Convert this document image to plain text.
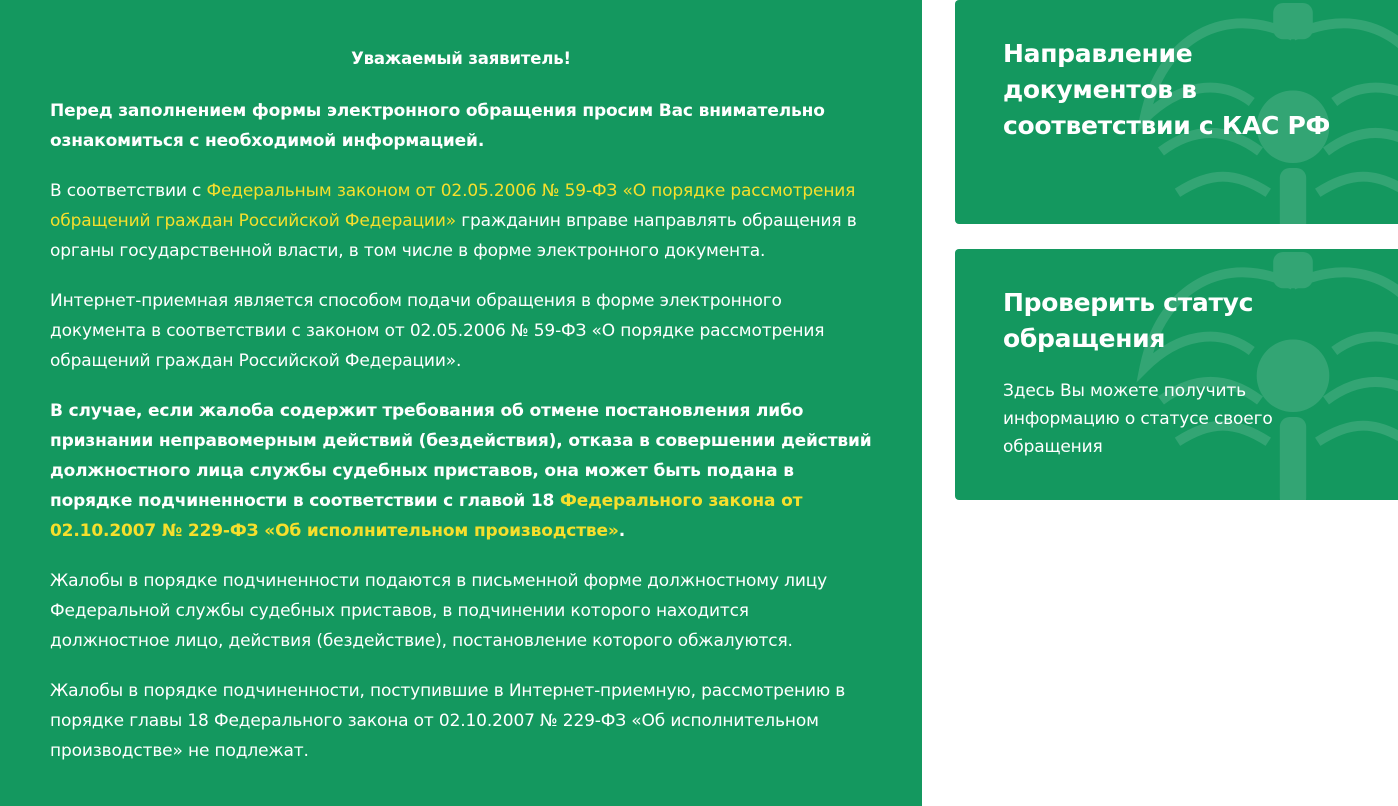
Уважаемый заявитель!

Перед заполнением формы электронного обращения просим Вас внимательно ознакомиться с необходимой информацией.

В соответствии с Федеральным законом от 02.05.2006 № 59-ФЗ «О порядке рассмотрения обращений граждан Российской Федерации» гражданин вправе направлять обращения в органы государственной власти, в том числе в форме электронного документа.

Интернет-приемная является способом подачи обращения в форме электронного документа в соответствии с законом от 02.05.2006 № 59-ФЗ «О порядке рассмотрения обращений граждан Российской Федерации».

В случае, если жалоба содержит требования об отмене постановления либо признании неправомерным действий (бездействия), отказа в совершении действий должностного лица службы судебных приставов, она может быть подана в порядке подчиненности в соответствии с главой 18 Федерального закона от 02.10.2007 № 229-ФЗ «Об исполнительном производстве».

Жалобы в порядке подчиненности подаются в письменной форме должностному лицу Федеральной службы судебных приставов, в подчинении которого находится должностное лицо, действия (бездействие), постановление которого обжалуются.

Жалобы в порядке подчиненности, поступившие в Интернет-приемную, рассмотрению в порядке главы 18 Федерального закона от 02.10.2007 № 229-ФЗ «Об исполнительном производстве» не подлежат.

Направление документов в соответствии с КАС РФ
Проверить статус обращения

Здесь Вы можете получить информацию о статусе своего обращения
